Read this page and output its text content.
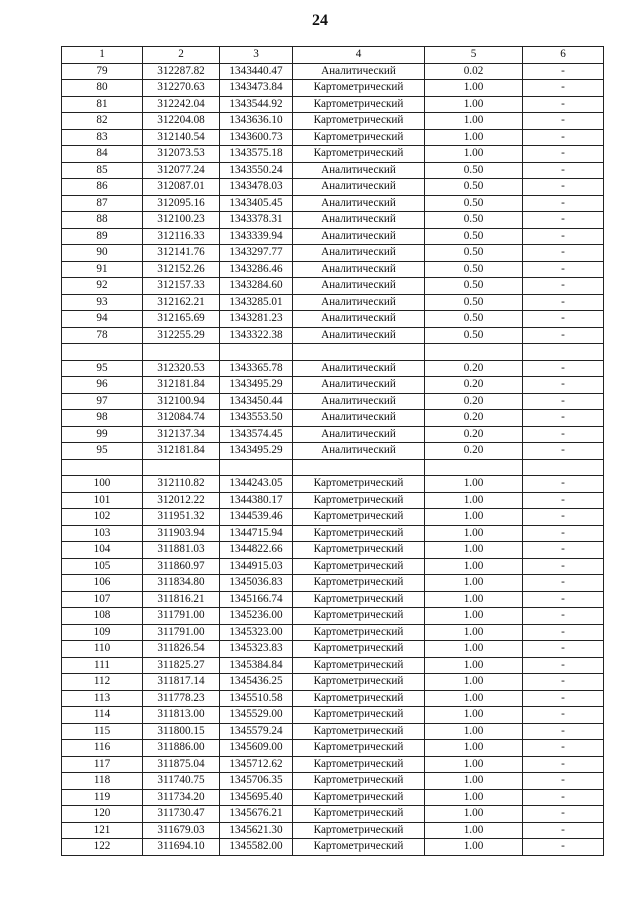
24
1	2	3	4	5	6
79	312287.82	1343440.47	Аналитический	0.02	-
80	312270.63	1343473.84	Картометрический	1.00	-
81	312242.04	1343544.92	Картометрический	1.00	-
82	312204.08	1343636.10	Картометрический	1.00	-
83	312140.54	1343600.73	Картометрический	1.00	-
84	312073.53	1343575.18	Картометрический	1.00	-
85	312077.24	1343550.24	Аналитический	0.50	-
86	312087.01	1343478.03	Аналитический	0.50	-
87	312095.16	1343405.45	Аналитический	0.50	-
88	312100.23	1343378.31	Аналитический	0.50	-
89	312116.33	1343339.94	Аналитический	0.50	-
90	312141.76	1343297.77	Аналитический	0.50	-
91	312152.26	1343286.46	Аналитический	0.50	-
92	312157.33	1343284.60	Аналитический	0.50	-
93	312162.21	1343285.01	Аналитический	0.50	-
94	312165.69	1343281.23	Аналитический	0.50	-
78	312255.29	1343322.38	Аналитический	0.50	-

95	312320.53	1343365.78	Аналитический	0.20	-
96	312181.84	1343495.29	Аналитический	0.20	-
97	312100.94	1343450.44	Аналитический	0.20	-
98	312084.74	1343553.50	Аналитический	0.20	-
99	312137.34	1343574.45	Аналитический	0.20	-
95	312181.84	1343495.29	Аналитический	0.20	-

100	312110.82	1344243.05	Картометрический	1.00	-
101	312012.22	1344380.17	Картометрический	1.00	-
102	311951.32	1344539.46	Картометрический	1.00	-
103	311903.94	1344715.94	Картометрический	1.00	-
104	311881.03	1344822.66	Картометрический	1.00	-
105	311860.97	1344915.03	Картометрический	1.00	-
106	311834.80	1345036.83	Картометрический	1.00	-
107	311816.21	1345166.74	Картометрический	1.00	-
108	311791.00	1345236.00	Картометрический	1.00	-
109	311791.00	1345323.00	Картометрический	1.00	-
110	311826.54	1345323.83	Картометрический	1.00	-
111	311825.27	1345384.84	Картометрический	1.00	-
112	311817.14	1345436.25	Картометрический	1.00	-
113	311778.23	1345510.58	Картометрический	1.00	-
114	311813.00	1345529.00	Картометрический	1.00	-
115	311800.15	1345579.24	Картометрический	1.00	-
116	311886.00	1345609.00	Картометрический	1.00	-
117	311875.04	1345712.62	Картометрический	1.00	-
118	311740.75	1345706.35	Картометрический	1.00	-
119	311734.20	1345695.40	Картометрический	1.00	-
120	311730.47	1345676.21	Картометрический	1.00	-
121	311679.03	1345621.30	Картометрический	1.00	-
122	311694.10	1345582.00	Картометрический	1.00	-
